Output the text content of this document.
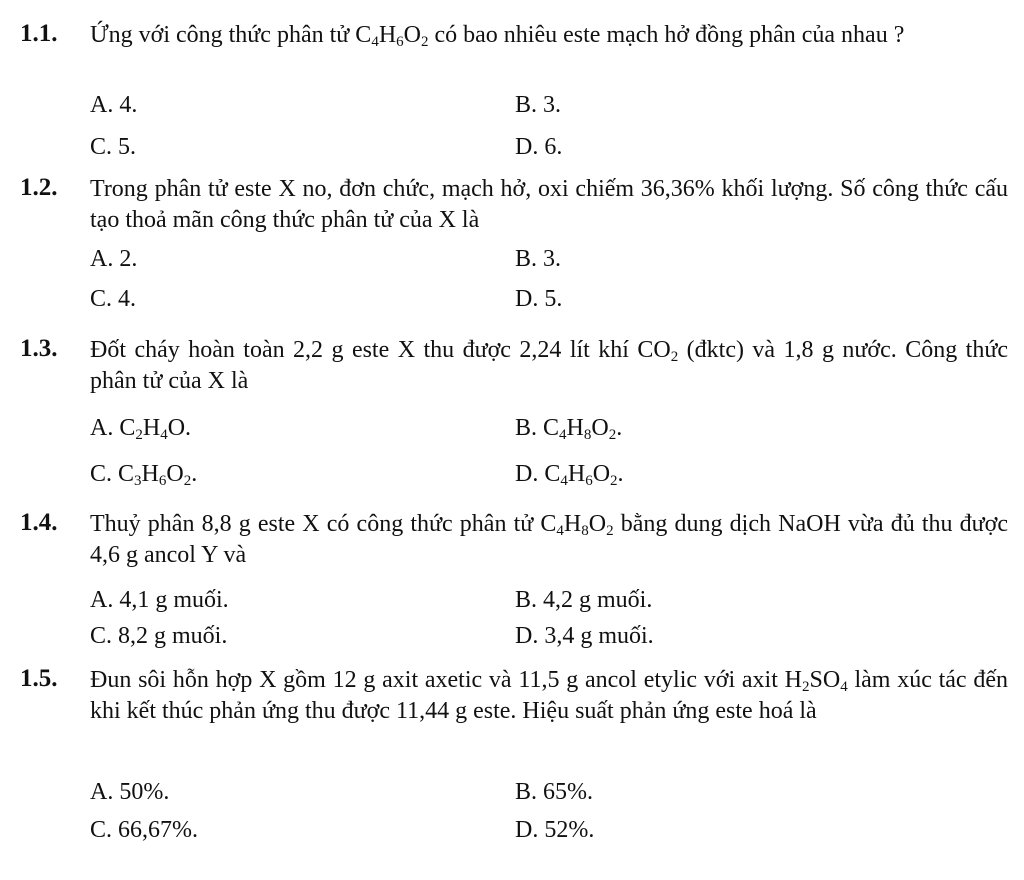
1.1. Ứng với công thức phân tử $C_4H_6O_2$ có bao nhiêu este mạch hở đồng phân của nhau ?
A. 4.	B. 3.
C. 5.	D. 6.
1.2. Trong phân tử este X no, đơn chức, mạch hở, oxi chiếm 36,36% khối lượng. Số công thức cấu tạo thoả mãn công thức phân tử của X là
A. 2.	B. 3.
C. 4.	D. 5.
1.3. Đốt cháy hoàn toàn 2,2 g este X thu được 2,24 lít khí $CO_2$ (đktc) và 1,8 g nước. Công thức phân tử của X là
A. $C_2H_4O$.	B. $C_4H_8O_2$.
C. $C_3H_6O_2$.	D. $C_4H_6O_2$.
1.4. Thuỷ phân 8,8 g este X có công thức phân tử $C_4H_8O_2$ bằng dung dịch NaOH vừa đủ thu được 4,6 g ancol Y và
A. 4,1 g muối.	B. 4,2 g muối.
C. 8,2 g muối.	D. 3,4 g muối.
1.5. Đun sôi hỗn hợp X gồm 12 g axit axetic và 11,5 g ancol etylic với axit $H_2SO_4$ làm xúc tác đến khi kết thúc phản ứng thu được 11,44 g este. Hiệu suất phản ứng este hoá là
A. 50%.	B. 65%.
C. 66,67%.	D. 52%.
